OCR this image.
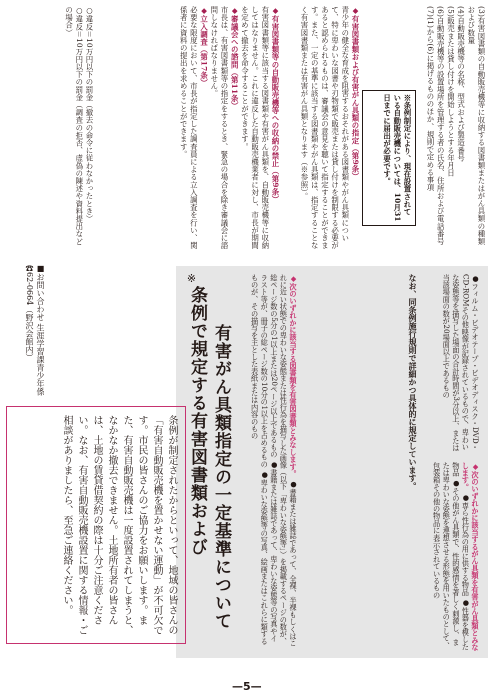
(3)有害図書類の自動販売機等に収納する図書類またはがん具類の種類および数量
(4)自動販売機等の名称、型式および製造番号
(5)販売または貸し付けを開始しようとする年月日
(6)自動販売機等の設置場所を管理する者の氏名、住所および電話番号
(7)(1)から(6)に掲げるもののほか、規則で定める事項
※条例制定により、現在設置されている自動販売機については、10月31日までに届出が必要です。
◆有害図書類および有害がん具類の指定（第9条）
青少年の健全な育成を阻害するおそれがある図書類やがん具類について、特に卑わいな図書や刃物類で販売または貸し付けを制限する必要があると認められるものは、審議会の意見を聴いて指定することができます。また、一定の基準に該当する図書類やがん具類は、指定することなく有害図書類または有害がん具類となります（※参照）。
◆有害図書類等の自動販売機等への収納の禁止（第9条）
有害図書類等に該当する図書類や有害がん具類を、自動販売機等に収納してはなりません。これに違反した自動販売機業者に対し、市長が期間を定めて撤去を命令することができます。
◆審議会への諮問（第11条）
市長は、有害図書類等の指定をするとき、緊急の場合を除き審議会に諮問しなければなりません。
◆立入調査（第17条）
必要な限度において、市長が指定した調査員による立入調査を行い、関係者に資料の提出を求めることができます。
○違反＝10万円以下の罰金（撤去の命令に従わなかったとき）
○違反＝10万円以下の罰金（調査の拒否、虚偽の陳述や資料提出などの場合）
※
条例で規定する有害図書類および 有害がん具類指定の一定基準について	◆次のいずれかに該当する図書類を有害図書類とみなします。 ●書籍または雑誌であって、全裸、半裸もしくはこれに近い状態での卑わいな姿態または性行為を描写した画像（以下「卑わいな姿態等」）を掲載するページの数が、総ページ数の5分の1以上または20ページ以上であるもの ●書籍または雑誌であって、卑わいな姿態等の写真やイラスト等が、冊子の総ページ数の10分の1以上を占めるもの ●卑わいな姿態等の写真、絵画またはこれらに類するものが、その描写を主とした表紙または内容のもの	●フィルム・ビデオテープ・ビデオディスク・DVD・CD-ROMその他映像が記録されているもので、卑わいな姿態等を描写した場面の合計時間が3分以上、または当該場面の数が20場面以上であるもの
◆次のいずれかに該当するがん具類を有害がん具類とみなします。 ●専ら性行為の用に供する物品 ●性器を模した物品 ●その他がん具類で、性的感情を著しく刺激し、または卑わいな姿態を連想させる形態を用いたものとして、包装箱その他の物品に表示されているもの
なお、同条例施行規則で詳細かつ具体的に規定しています。
条例が制定されたからといって、地域の皆さんの「有害自動販売機を置かせない運動」が不可欠です。市民の皆さんのご協力をお願いします。また、有害自動販売機は一度設置されてしまうと、なかなか撤去できません。土地所有者の皆さんは、土地の賃貸借契約の際は十分ご注意ください。なお、有害自動販売機設置に関する情報・ご相談がありましたら、至急ご連絡ください。
■お問い合わせ 生涯学習課青少年係☎62-0664（野沢会館内）
—5—
